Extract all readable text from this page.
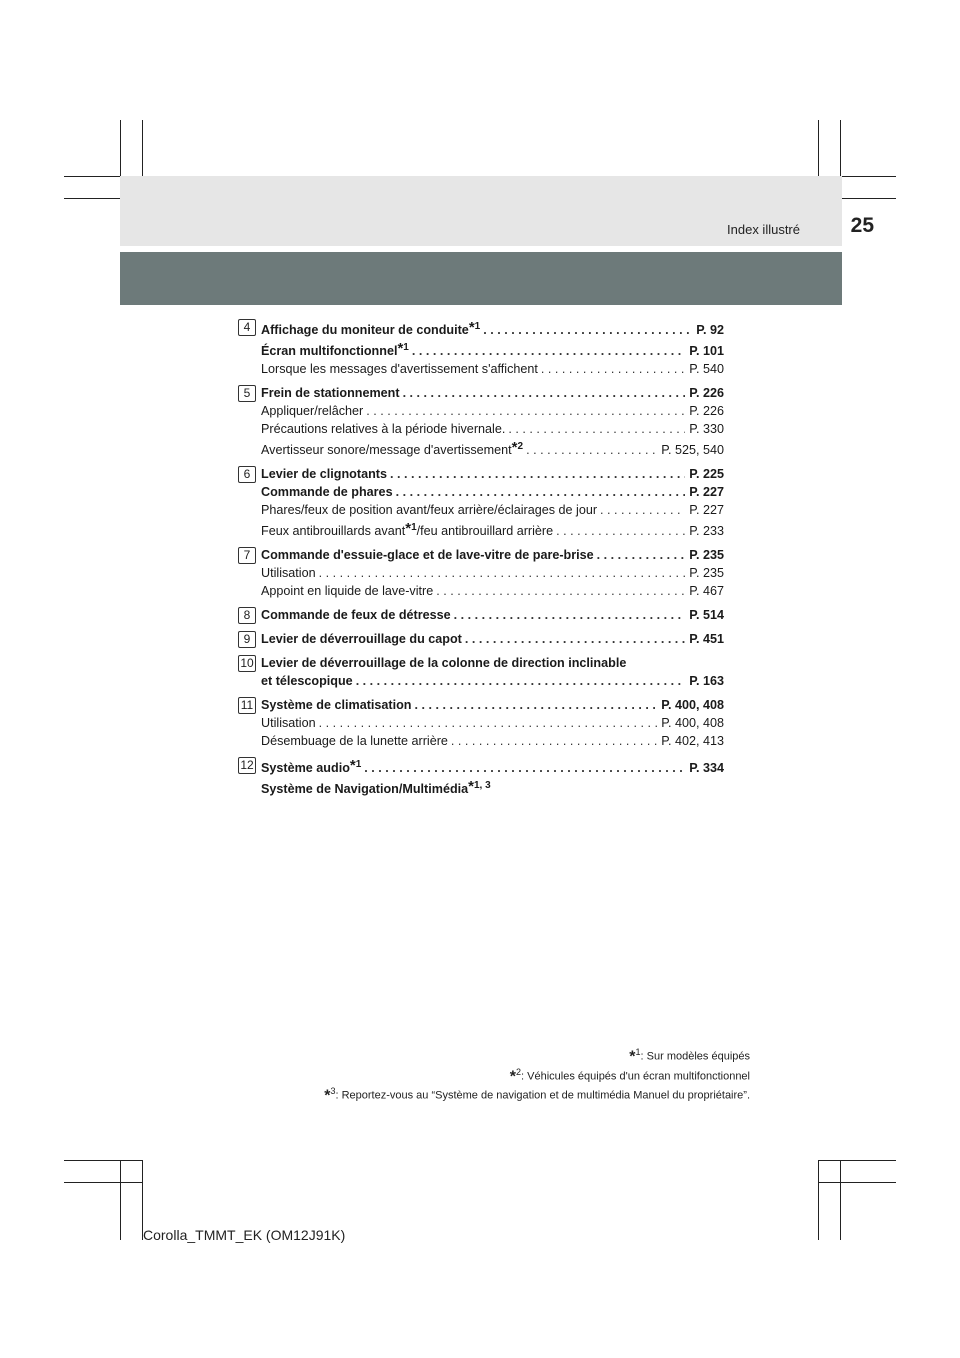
Index illustré 25
4 Affichage du moniteur de conduite$^{*1}$ . . .	P. 92
Écran multifonctionnel$^{*1}$ . . .	P. 101
Lorsque les messages d'avertissement s'affichent . . .	P. 540
5 Frein de stationnement . . .	P. 226
Appliquer/relâcher . . .	P. 226
Précautions relatives à la période hivernale. . . .	P. 330
Avertisseur sonore/message d'avertissement$^{*2}$ . . .	P. 525, 540
6 Levier de clignotants . . .	P. 225
Commande de phares . . .	P. 227
Phares/feux de position avant/feux arrière/éclairages de jour . . .	P. 227
Feux antibrouillards avant$^{*1}$/feu antibrouillard arrière . . .	P. 233
7 Commande d'essuie-glace et de lave-vitre de pare-brise . . .	P. 235
Utilisation . . .	P. 235
Appoint en liquide de lave-vitre . . .	P. 467
8 Commande de feux de détresse . . .	P. 514
9 Levier de déverrouillage du capot . . .	P. 451
10 Levier de déverrouillage de la colonne de direction inclinable
et télescopique . . .	P. 163
11 Système de climatisation . . .	P. 400, 408
Utilisation . . .	P. 400, 408
Désembuage de la lunette arrière . . .	P. 402, 413
12 Système audio$^{*1}$ . . .	P. 334
Système de Navigation/Multimédia$^{*1, 3}$
*$^1$: Sur modèles équipés
*$^2$: Véhicules équipés d'un écran multifonctionnel
*$^3$: Reportez-vous au “Système de navigation et de multimédia Manuel du propriétaire”.
Corolla_TMMT_EK (OM12J91K)
